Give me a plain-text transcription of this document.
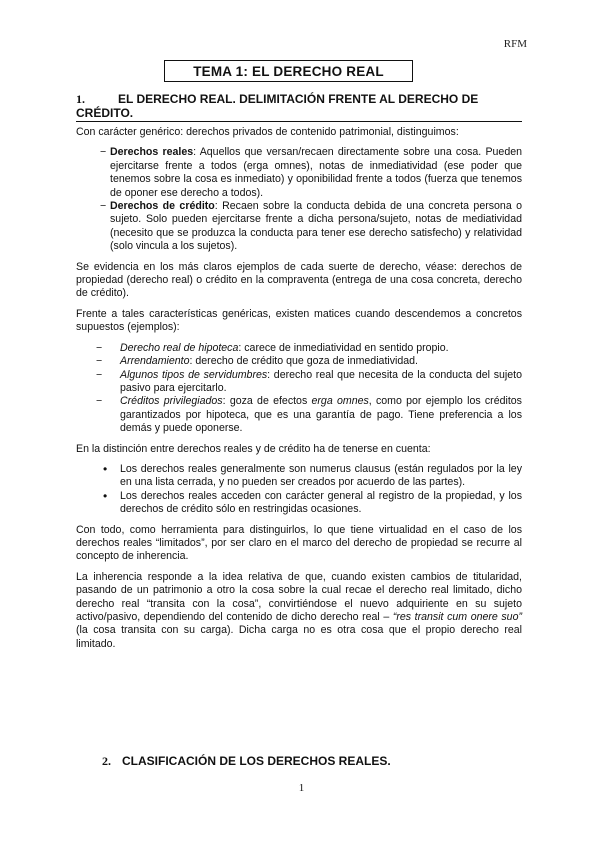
RFM
TEMA 1: EL DERECHO REAL
1.	EL DERECHO REAL. DELIMITACIÓN FRENTE AL DERECHO DE CRÉDITO.

Con carácter genérico: derechos privados de contenido patrimonial, distinguimos:

− Derechos reales: Aquellos que versan/recaen directamente sobre una cosa. Pueden ejercitarse frente a todos (erga omnes), notas de inmediatividad (ese poder que tenemos sobre la cosa es inmediato) y oponibilidad frente a todos (fuerza que tenemos de oponer ese derecho a todos).
− Derechos de crédito: Recaen sobre la conducta debida de una concreta persona o sujeto. Solo pueden ejercitarse frente a dicha persona/sujeto, notas de mediatividad (necesito que se produzca la conducta para tener ese derecho satisfecho) y relatividad (solo vincula a los sujetos).

Se evidencia en los más claros ejemplos de cada suerte de derecho, véase: derechos de propiedad (derecho real) o crédito en la compraventa (entrega de una cosa concreta, derecho de crédito).

Frente a tales características genéricas, existen matices cuando descendemos a concretos supuestos (ejemplos):

− Derecho real de hipoteca: carece de inmediatividad en sentido propio.
− Arrendamiento: derecho de crédito que goza de inmediatividad.
− Algunos tipos de servidumbres: derecho real que necesita de la conducta del sujeto pasivo para ejercitarlo.
− Créditos privilegiados: goza de efectos erga omnes, como por ejemplo los créditos garantizados por hipoteca, que es una garantía de pago. Tiene preferencia a los demás y puede oponerse.

En la distinción entre derechos reales y de crédito ha de tenerse en cuenta:

• Los derechos reales generalmente son numerus clausus (están regulados por la ley en una lista cerrada, y no pueden ser creados por acuerdo de las partes).
• Los derechos reales acceden con carácter general al registro de la propiedad, y los derechos de crédito sólo en restringidas ocasiones.

Con todo, como herramienta para distinguirlos, lo que tiene virtualidad en el caso de los derechos reales “limitados”, por ser claro en el marco del derecho de propiedad se recurre al concepto de inherencia.

La inherencia responde a la idea relativa de que, cuando existen cambios de titularidad, pasando de un patrimonio a otro la cosa sobre la cual recae el derecho real limitado, dicho derecho real “transita con la cosa”, convirtiéndose el nuevo adquiriente en su sujeto activo/pasivo, dependiendo del contenido de dicho derecho real – “res transit cum onere suo” (la cosa transita con su carga). Dicha carga no es otra cosa que el propio derecho real limitado.

2. CLASIFICACIÓN DE LOS DERECHOS REALES.
1
